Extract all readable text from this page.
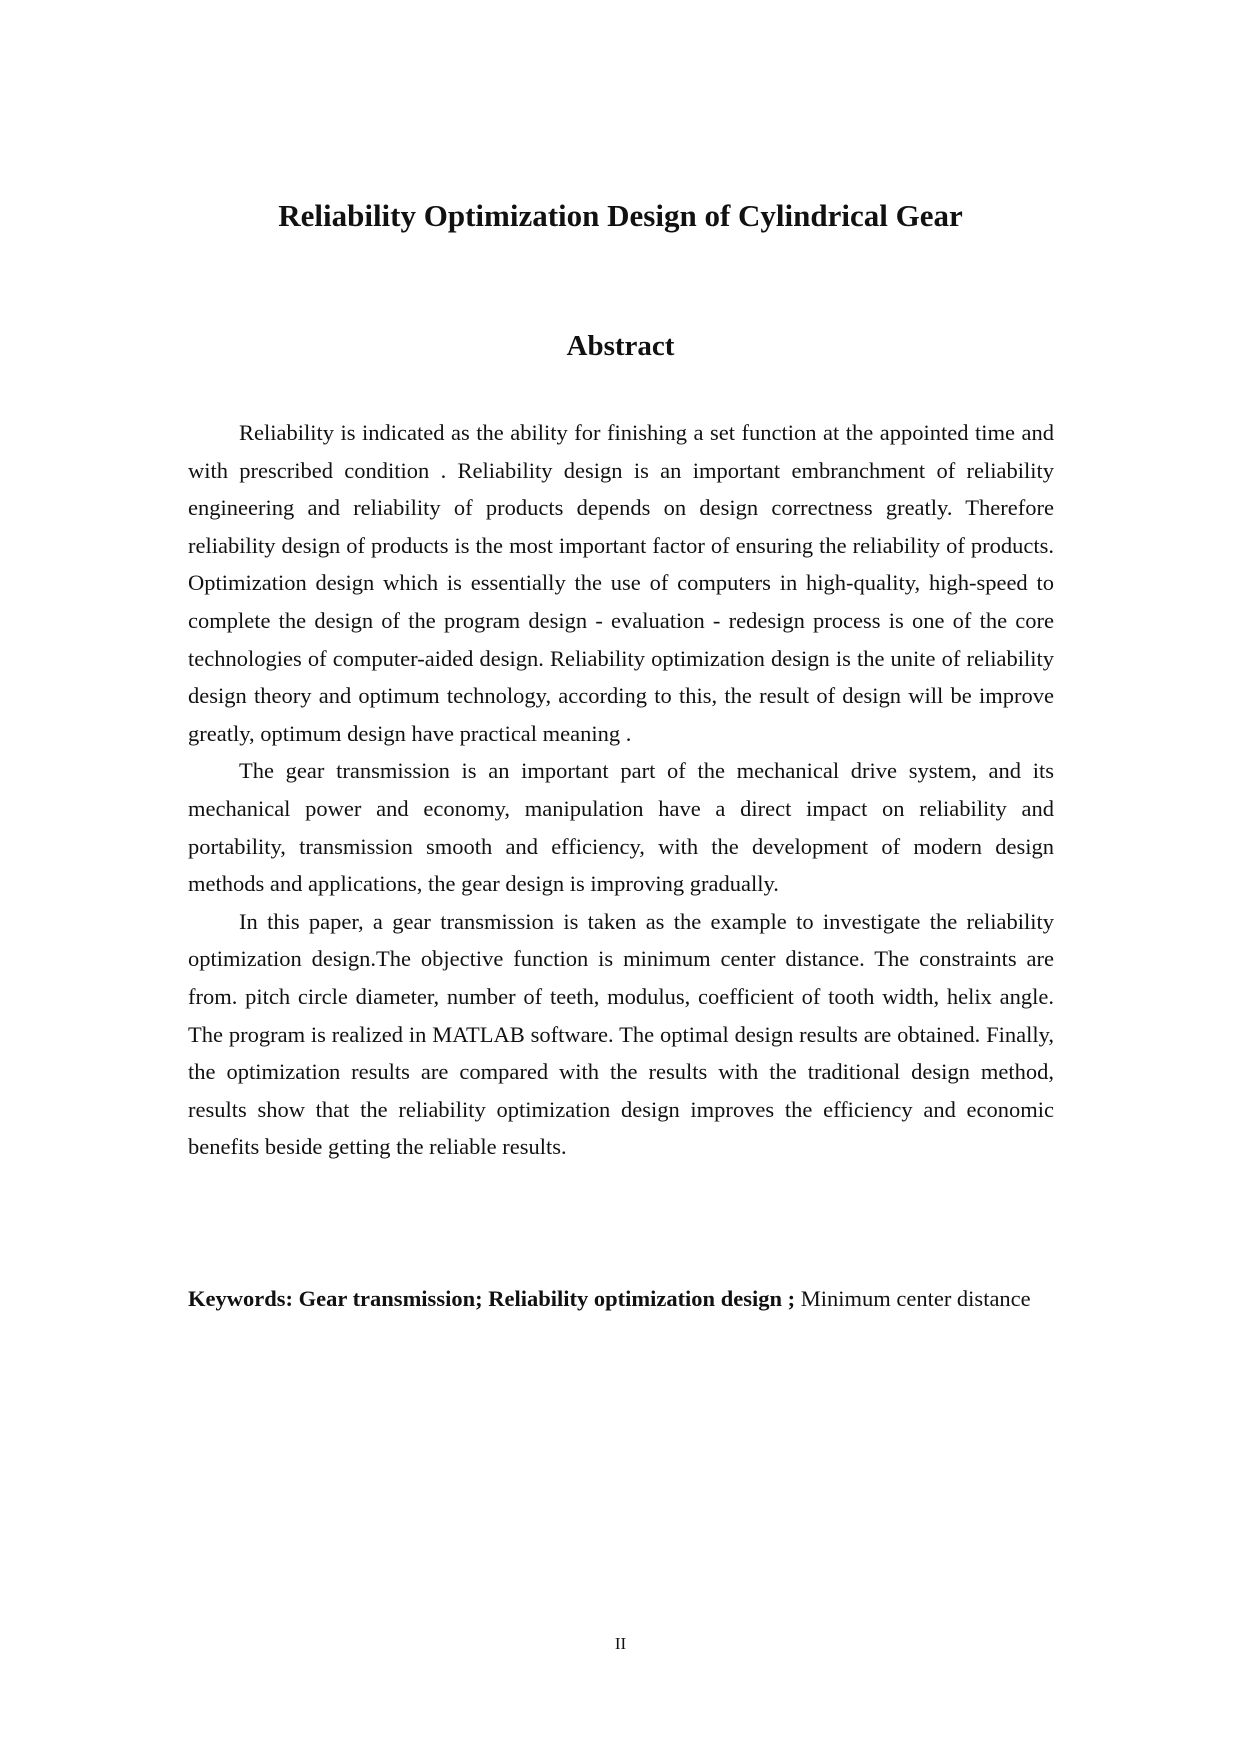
Reliability Optimization Design of Cylindrical Gear
Abstract

Reliability is indicated as the ability for finishing a set function at the appointed time and with prescribed condition . Reliability design is an important embranchment of reliability engineering and reliability of products depends on design correctness greatly. Therefore reliability design of products is the most important factor of ensuring the reliability of products. Optimization design which is essentially the use of computers in high-quality, high-speed to complete the design of the program design - evaluation - redesign process is one of the core technologies of computer-aided design. Reliability optimization design is the unite of reliability design theory and optimum technology, according to this, the result of design will be improve greatly, optimum design have practical meaning .

The gear transmission is an important part of the mechanical drive system, and its mechanical power and economy, manipulation have a direct impact on reliability and portability, transmission smooth and efficiency, with the development of modern design methods and applications, the gear design is improving gradually.

In this paper, a gear transmission is taken as the example to investigate the reliability optimization design.The objective function is minimum center distance. The constraints are from. pitch circle diameter, number of teeth, modulus, coefficient of tooth width, helix angle. The program is realized in MATLAB software. The optimal design results are obtained. Finally, the optimization results are compared with the results with the traditional design method, results show that the reliability optimization design improves the efficiency and economic benefits beside getting the reliable results.

Keywords: Gear transmission; Reliability optimization design ; Minimum center distance

II
